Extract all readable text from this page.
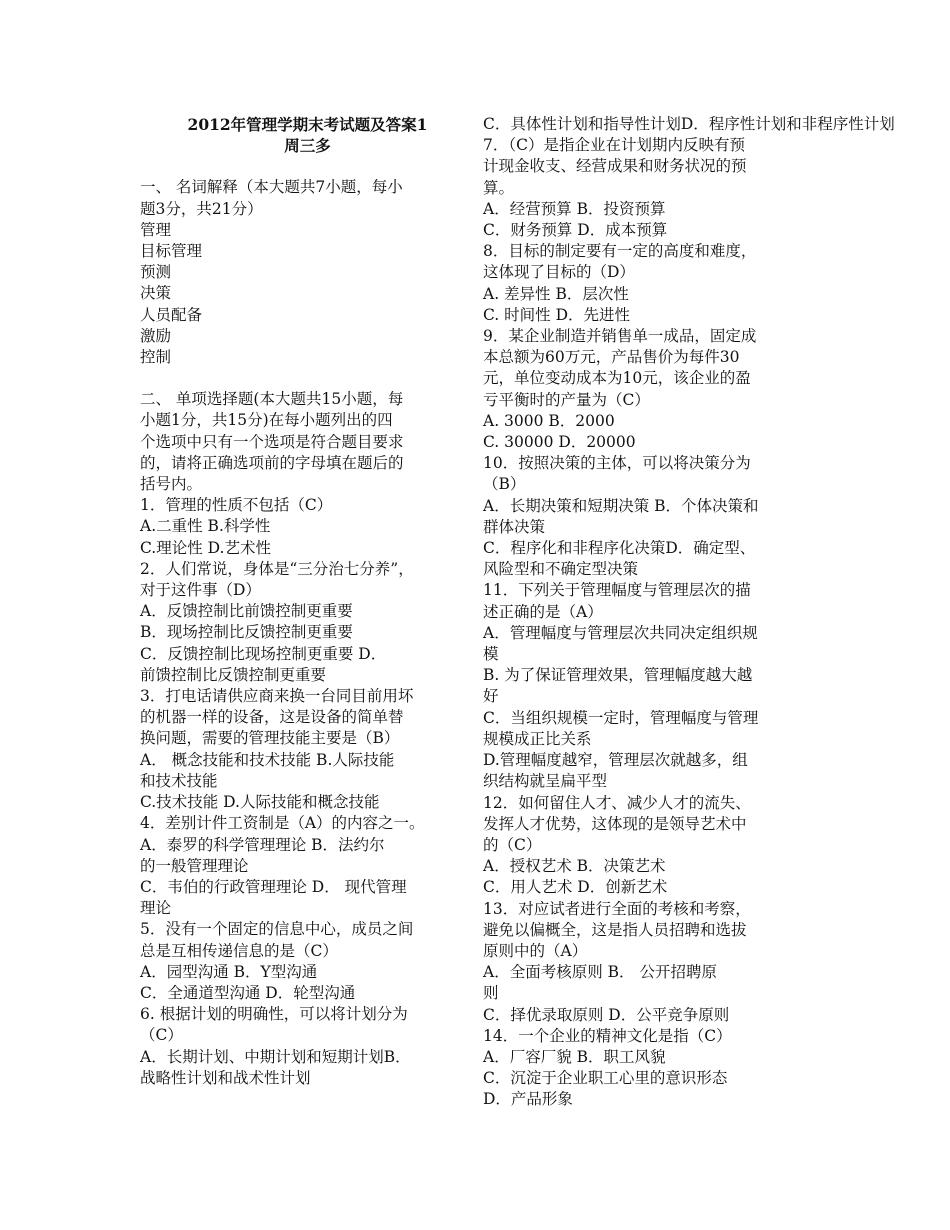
2012年管理学期末考试题及答案1
周三多
一、 名词解释（本大题共7小题，每小
题3分，共21分）
管理
目标管理
预测
决策
人员配备
激励
控制
二、 单项选择题(本大题共15小题，每
小题1分，共15分)在每小题列出的四
个选项中只有一个选项是符合题目要求
的，请将正确选项前的字母填在题后的
括号内。
1．管理的性质不包括（C）
A.二重性 B.科学性
C.理论性 D.艺术性
2．人们常说，身体是“三分治七分养”，
对于这件事（D）
A．反馈控制比前馈控制更重要
B．现场控制比反馈控制更重要
C．反馈控制比现场控制更重要 D．
前馈控制比反馈控制更重要
3．打电话请供应商来换一台同目前用坏
的机器一样的设备，这是设备的简单替
换问题，需要的管理技能主要是（B）
A． 概念技能和技术技能 B.人际技能
和技术技能
C.技术技能 D.人际技能和概念技能
4．差别计件工资制是（A）的内容之一。
A．泰罗的科学管理理论 B．法约尔
的一般管理理论
C．韦伯的行政管理理论 D． 现代管理
理论
5．没有一个固定的信息中心，成员之间
总是互相传递信息的是（C）
A．园型沟通 B．Y型沟通
C．全通道型沟通 D．轮型沟通
6. 根据计划的明确性，可以将计划分为
（C）
A．长期计划、中期计划和短期计划B．
战略性计划和战术性计划
C．具体性计划和指导性计划D．程序性计划和非程序性计划
7．（C）是指企业在计划期内反映有预
计现金收支、经营成果和财务状况的预
算。
A．经营预算 B．投资预算
C．财务预算 D．成本预算
8．目标的制定要有一定的高度和难度，
这体现了目标的（D）
A. 差异性 B．层次性
C. 时间性 D．先进性
9．某企业制造并销售单一成品，固定成
本总额为60万元，产品售价为每件30
元，单位变动成本为10元，该企业的盈
亏平衡时的产量为（C）
A. 3000 B．2000
C. 30000 D．20000
10．按照决策的主体，可以将决策分为
（B）
A．长期决策和短期决策 B．个体决策和
群体决策
C．程序化和非程序化决策D．确定型、
风险型和不确定型决策
11．下列关于管理幅度与管理层次的描
述正确的是（A）
A．管理幅度与管理层次共同决定组织规
模
B. 为了保证管理效果，管理幅度越大越
好
C．当组织规模一定时，管理幅度与管理
规模成正比关系
D.管理幅度越窄，管理层次就越多，组
织结构就呈扁平型
12．如何留住人才、减少人才的流失、
发挥人才优势，这体现的是领导艺术中
的（C）
A．授权艺术 B．决策艺术
C．用人艺术 D．创新艺术
13．对应试者进行全面的考核和考察，
避免以偏概全，这是指人员招聘和选拔
原则中的（A）
A．全面考核原则 B． 公开招聘原
则
C．择优录取原则 D．公平竞争原则
14．一个企业的精神文化是指（C）
A．厂容厂貌 B．职工风貌
C．沉淀于企业职工心里的意识形态
D．产品形象
